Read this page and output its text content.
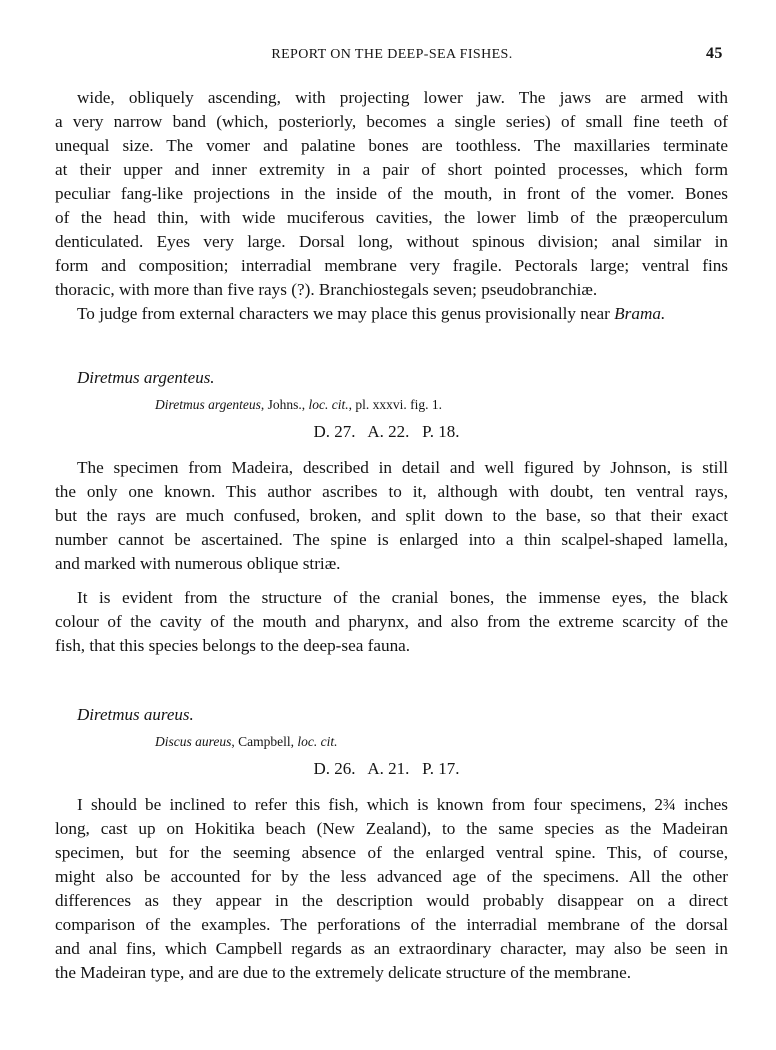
REPORT ON THE DEEP-SEA FISHES.	45
wide, obliquely ascending, with projecting lower jaw. The jaws are armed with
a very narrow band (which, posteriorly, becomes a single series) of small fine teeth of
unequal size. The vomer and palatine bones are toothless. The maxillaries terminate
at their upper and inner extremity in a pair of short pointed processes, which form
peculiar fang-like projections in the inside of the mouth, in front of the vomer. Bones
of the head thin, with wide muciferous cavities, the lower limb of the præoperculum
denticulated. Eyes very large. Dorsal long, without spinous division; anal similar in
form and composition; interradial membrane very fragile. Pectorals large; ventral fins
thoracic, with more than five rays (?). Branchiostegals seven; pseudobranchiæ.
To judge from external characters we may place this genus provisionally near Brama.
Diretmus argenteus.
Diretmus argenteus, Johns., loc. cit., pl. xxxvi. fig. 1.
D. 27.   A. 22.   P. 18.
The specimen from Madeira, described in detail and well figured by Johnson, is still
the only one known. This author ascribes to it, although with doubt, ten ventral rays,
but the rays are much confused, broken, and split down to the base, so that their exact
number cannot be ascertained. The spine is enlarged into a thin scalpel-shaped lamella,
and marked with numerous oblique striæ.
It is evident from the structure of the cranial bones, the immense eyes, the black
colour of the cavity of the mouth and pharynx, and also from the extreme scarcity of the
fish, that this species belongs to the deep-sea fauna.
Diretmus aureus.
Discus aureus, Campbell, loc. cit.
D. 26.   A. 21.   P. 17.
I should be inclined to refer this fish, which is known from four specimens, 2¾ inches
long, cast up on Hokitika beach (New Zealand), to the same species as the Madeiran
specimen, but for the seeming absence of the enlarged ventral spine. This, of course,
might also be accounted for by the less advanced age of the specimens. All the other
differences as they appear in the description would probably disappear on a direct
comparison of the examples. The perforations of the interradial membrane of the dorsal
and anal fins, which Campbell regards as an extraordinary character, may also be seen in
the Madeiran type, and are due to the extremely delicate structure of the membrane.
